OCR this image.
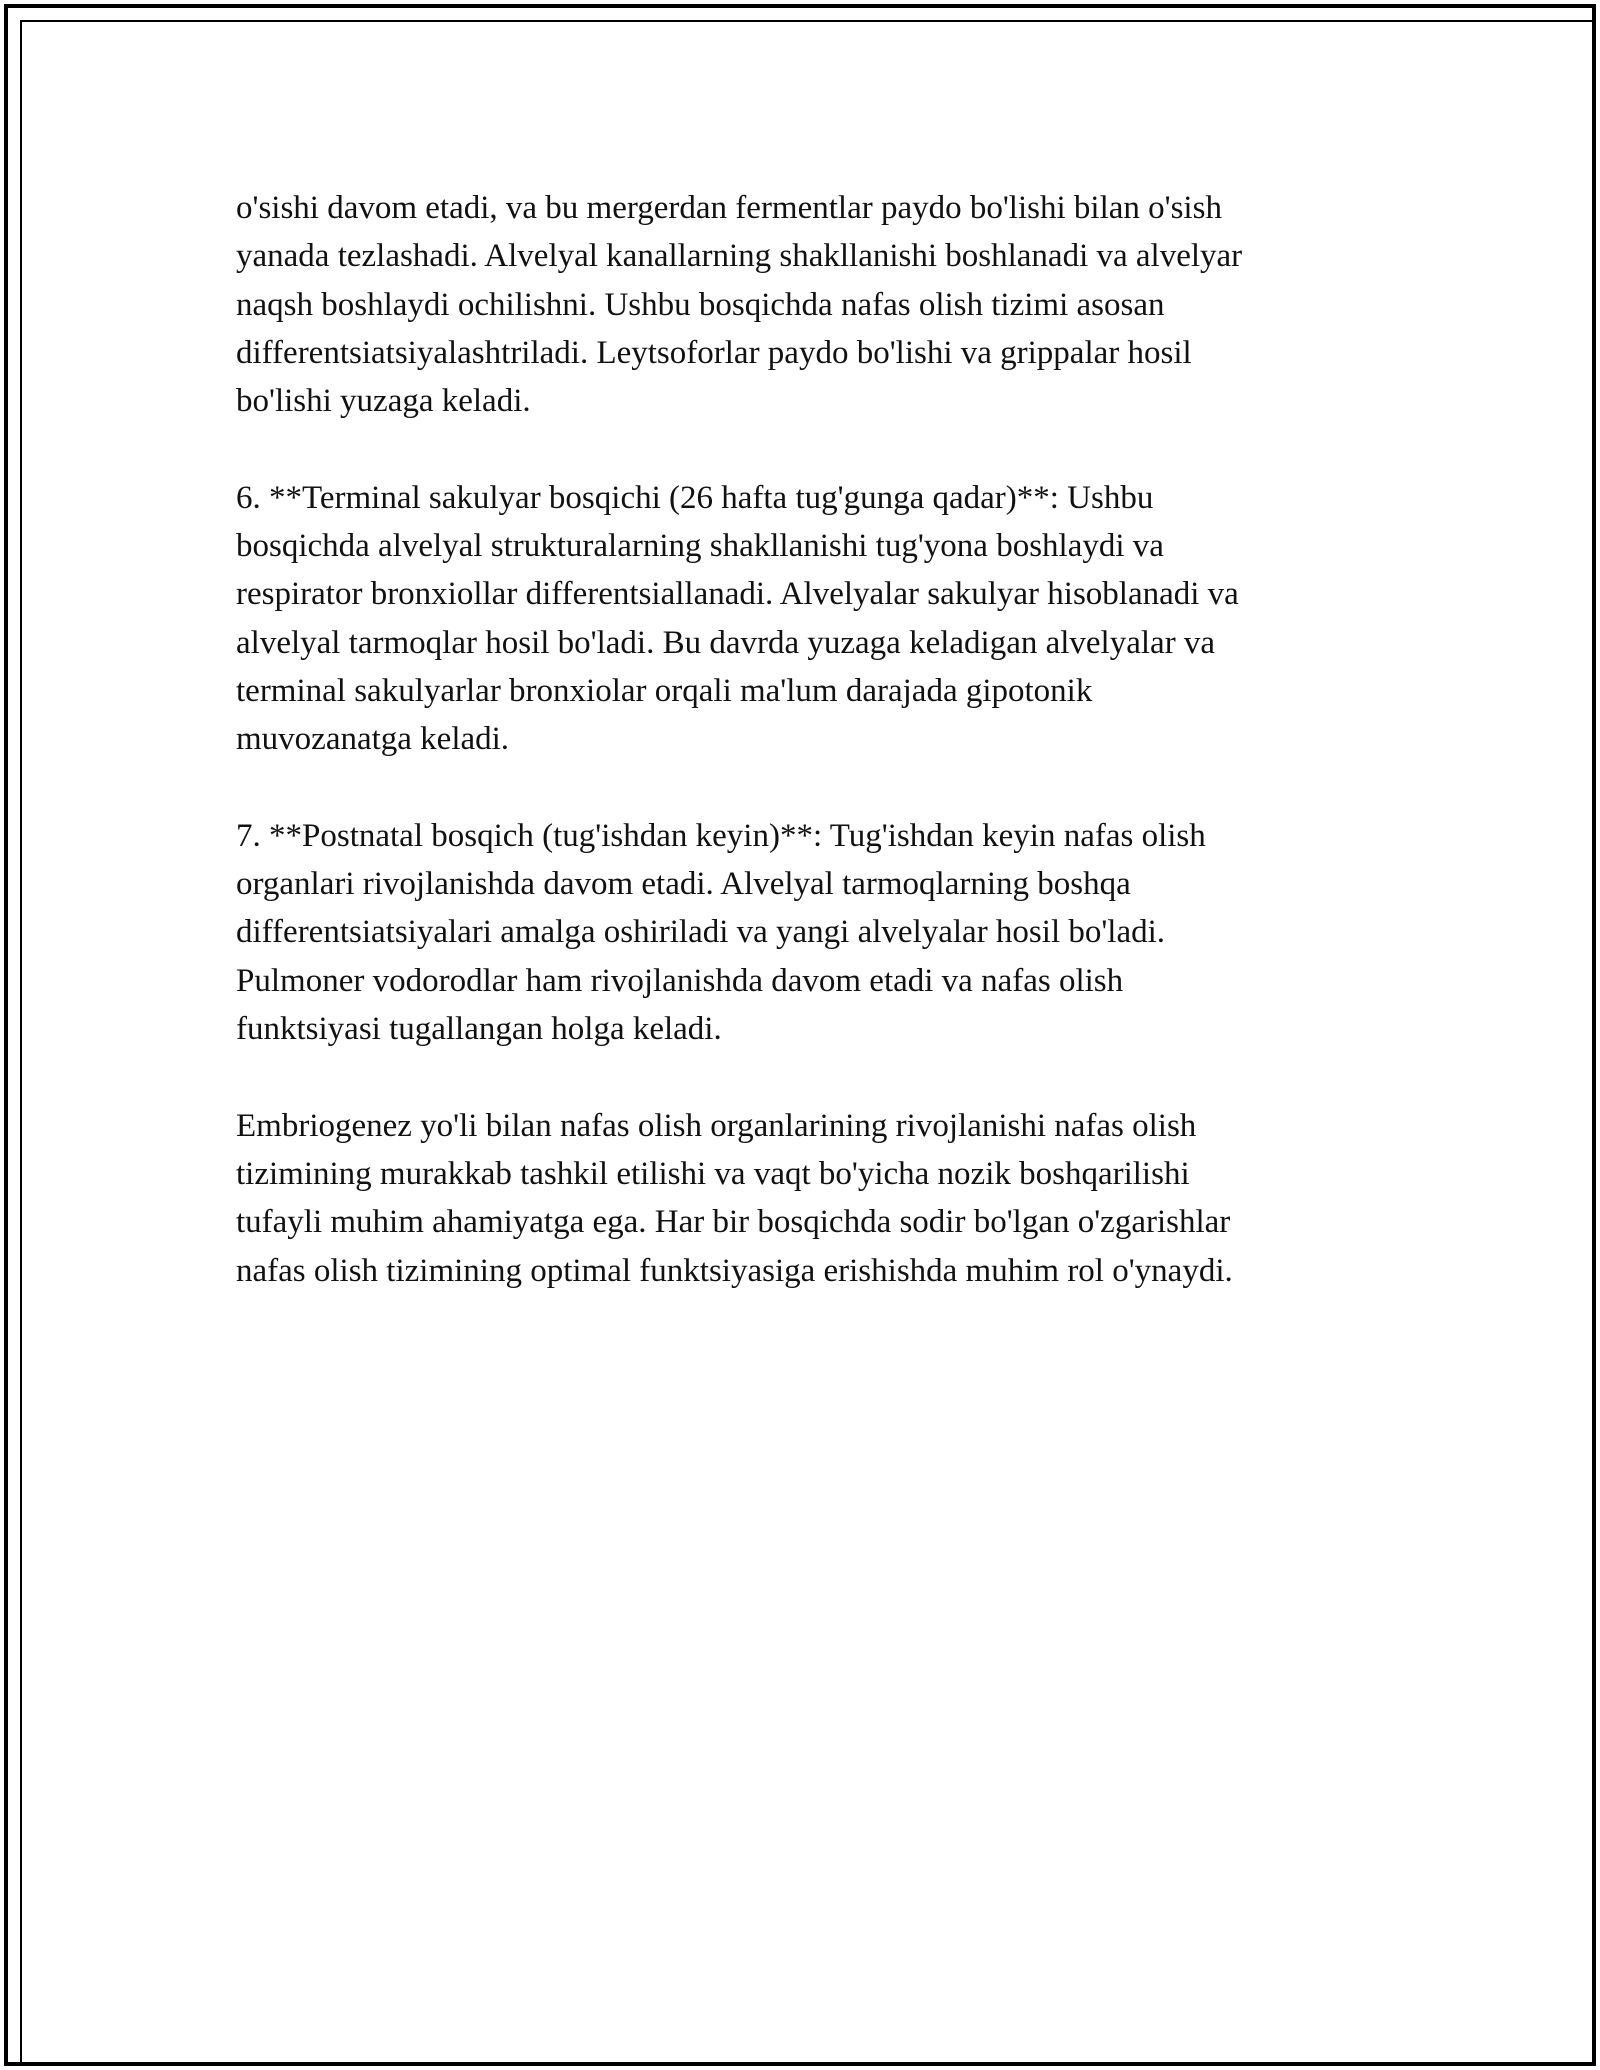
o'sishi davom etadi, va bu mergerdan fermentlar paydo bo'lishi bilan o'sish
yanada tezlashadi. Alvelyal kanallarning shakllanishi boshlanadi va alvelyar
naqsh boshlaydi ochilishni. Ushbu bosqichda nafas olish tizimi asosan
differentsiatsiyalashtriladi. Leytsoforlar paydo bo'lishi va grippalar hosil
bo'lishi yuzaga keladi.

6. **Terminal sakulyar bosqichi (26 hafta tug'gunga qadar)**: Ushbu
bosqichda alvelyal strukturalarning shakllanishi tug'yona boshlaydi va
respirator bronxiollar differentsiallanadi. Alvelyalar sakulyar hisoblanadi va
alvelyal tarmoqlar hosil bo'ladi. Bu davrda yuzaga keladigan alvelyalar va
terminal sakulyarlar bronxiolar orqali ma'lum darajada gipotonik
muvozanatga keladi.

7. **Postnatal bosqich (tug'ishdan keyin)**: Tug'ishdan keyin nafas olish
organlari rivojlanishda davom etadi. Alvelyal tarmoqlarning boshqa
differentsiatsiyalari amalga oshiriladi va yangi alvelyalar hosil bo'ladi.
Pulmoner vodorodlar ham rivojlanishda davom etadi va nafas olish
funktsiyasi tugallangan holga keladi.

Embriogenez yo'li bilan nafas olish organlarining rivojlanishi nafas olish
tizimining murakkab tashkil etilishi va vaqt bo'yicha nozik boshqarilishi
tufayli muhim ahamiyatga ega. Har bir bosqichda sodir bo'lgan o'zgarishlar
nafas olish tizimining optimal funktsiyasiga erishishda muhim rol o'ynaydi.
